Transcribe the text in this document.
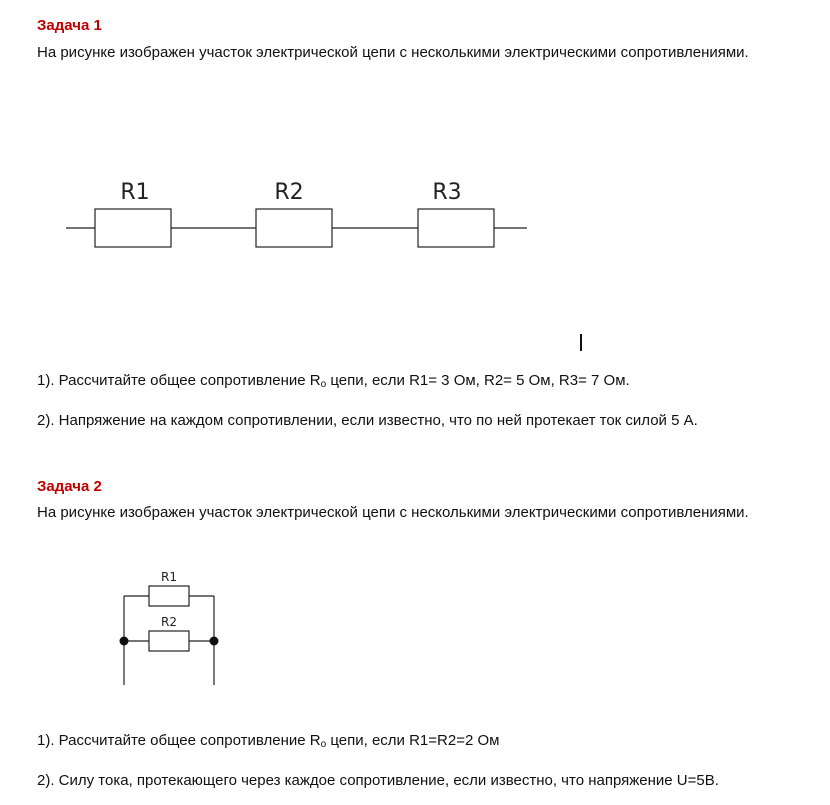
Задача 1
На рисунке изображен участок электрической цепи с несколькими электрическими сопротивлениями.
R1	R2	R3
1). Рассчитайте общее сопротивление $R_o$ цепи, если R1= 3 Ом, R2= 5 Ом, R3= 7 Ом.
2). Напряжение на каждом сопротивлении, если известно, что по ней протекает ток силой 5 А.
Задача 2
На рисунке изображен участок электрической цепи с несколькими электрическими сопротивлениями.
R1
R2
1). Рассчитайте общее сопротивление $R_o$ цепи, если R1=R2=2 Ом
2). Силу тока, протекающего через каждое сопротивление, если известно, что напряжение U=5В.
